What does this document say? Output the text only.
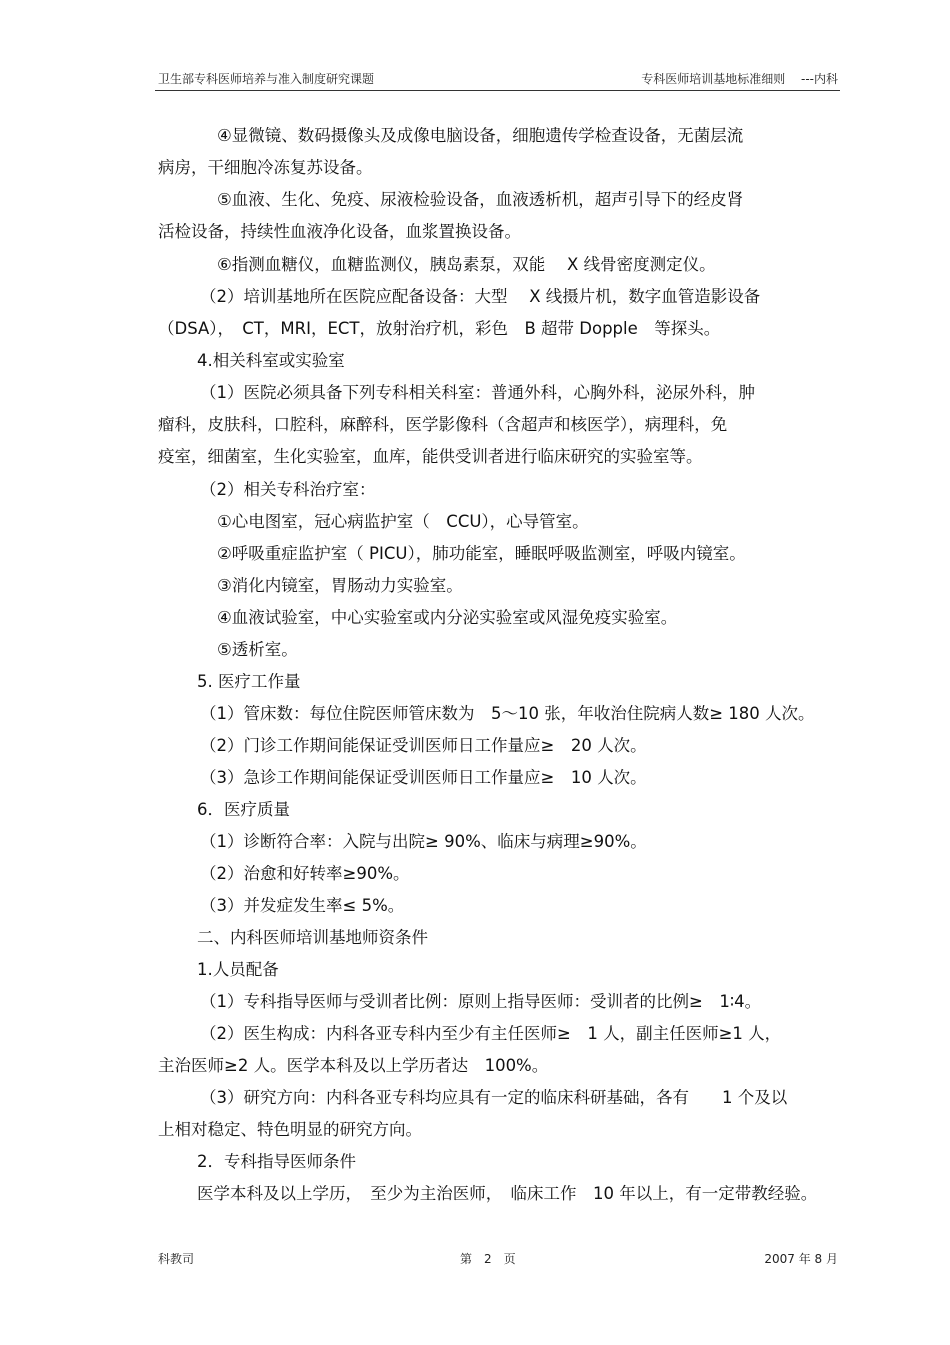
卫生部专科医师培养与准入制度研究课题	专科医师培训基地标准细则　 ---内科
④显微镜、数码摄像头及成像电脑设备，细胞遗传学检查设备，无菌层流
病房，干细胞冷冻复苏设备。
⑤血液、生化、免疫、尿液检验设备，血液透析机，超声引导下的经皮肾
活检设备，持续性血液净化设备，血浆置换设备。
⑥指测血糖仪，血糖监测仪，胰岛素泵，双能　 X 线骨密度测定仪。
（2）培训基地所在医院应配备设备：大型　 X 线摄片机，数字血管造影设备
（DSA），　CT，MRI，ECT，放射治疗机，彩色　B 超带 Dopple　等探头。
4.相关科室或实验室
（1）医院必须具备下列专科相关科室：普通外科，心胸外科，泌尿外科，肿
瘤科，皮肤科，口腔科，麻醉科，医学影像科（含超声和核医学），病理科，免
疫室，细菌室，生化实验室，血库，能供受训者进行临床研究的实验室等。
（2）相关专科治疗室：
①心电图室，冠心病监护室（　CCU），心导管室。
②呼吸重症监护室（ PICU），肺功能室，睡眠呼吸监测室，呼吸内镜室。
③消化内镜室，胃肠动力实验室。
④血液试验室，中心实验室或内分泌实验室或风湿免疫实验室。
⑤透析室。
5. 医疗工作量
（1）管床数：每位住院医师管床数为　5～10 张，年收治住院病人数≥ 180 人次。
（2）门诊工作期间能保证受训医师日工作量应≥　20 人次。
（3）急诊工作期间能保证受训医师日工作量应≥　10 人次。
6．医疗质量
（1）诊断符合率：入院与出院≥ 90%、临床与病理≥90%。
（2）治愈和好转率≥90%。
（3）并发症发生率≤ 5%。
二、内科医师培训基地师资条件
1.人员配备
（1）专科指导医师与受训者比例：原则上指导医师：受训者的比例≥　1∶4。
（2）医生构成：内科各亚专科内至少有主任医师≥　1 人，副主任医师≥1 人，
主治医师≥2 人。医学本科及以上学历者达　100%。
（3）研究方向：内科各亚专科均应具有一定的临床科研基础，各有　　1 个及以
上相对稳定、特色明显的研究方向。
2．专科指导医师条件
医学本科及以上学历，　至少为主治医师，　临床工作　10 年以上，有一定带教经验。
科教司	第　2　页	2007 年 8 月
